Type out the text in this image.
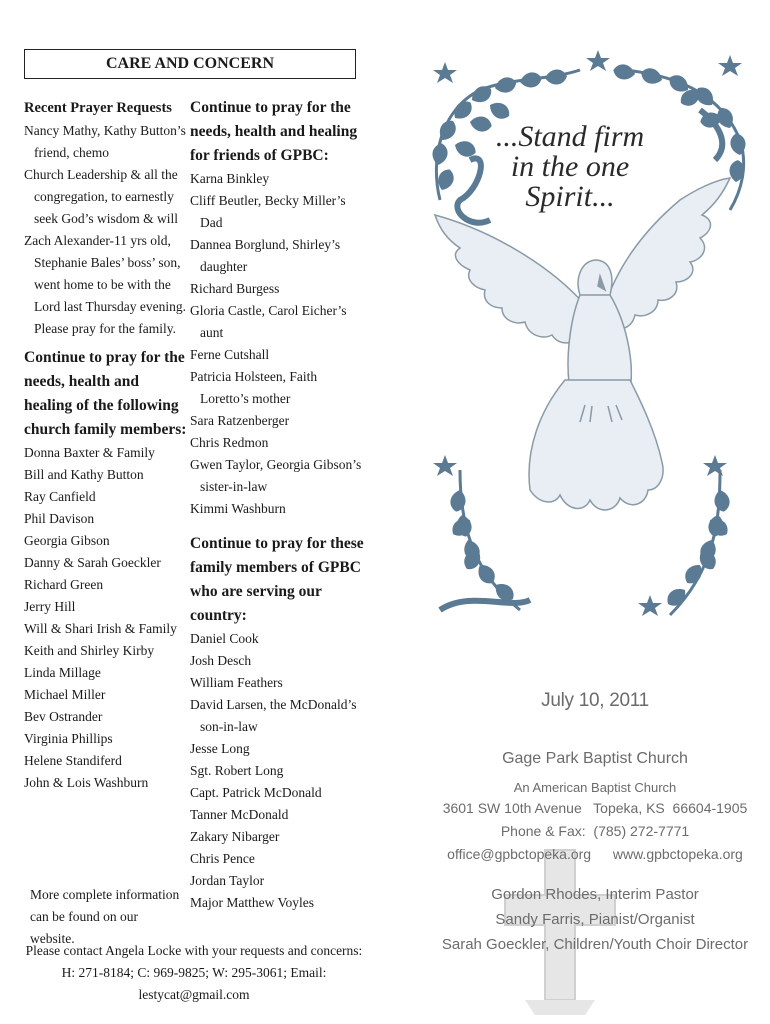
CARE AND CONCERN
Recent Prayer Requests
Nancy Mathy, Kathy Button’s friend, chemo
Church Leadership & all the congregation, to earnestly seek God’s wisdom & will
Zach Alexander-11 yrs old, Stephanie Bales’ boss’ son, went home to be with the Lord last Thursday evening. Please pray for the family.
Continue to pray for the needs, health and healing of the following church family members:
Donna Baxter & Family
Bill and Kathy Button
Ray Canfield
Phil Davison
Georgia Gibson
Danny & Sarah Goeckler
Richard Green
Jerry Hill
Will & Shari Irish & Family
Keith and Shirley Kirby
Linda Millage
Michael Miller
Bev Ostrander
Virginia Phillips
Helene Standiferd
John & Lois Washburn
Continue to pray for the needs, health and healing for friends of GPBC:
Karna Binkley
Cliff Beutler, Becky Miller’s Dad
Dannea Borglund, Shirley’s daughter
Richard Burgess
Gloria Castle, Carol Eicher’s aunt
Ferne Cutshall
Patricia Holsteen, Faith Loretto’s mother
Sara Ratzenberger
Chris Redmon
Gwen Taylor, Georgia Gibson’s sister-in-law
Kimmi Washburn
Continue to pray for these family members of GPBC who are serving our country:
Daniel Cook
Josh Desch
William Feathers
David Larsen, the McDonald’s son-in-law
Jesse Long
Sgt. Robert Long
Capt. Patrick McDonald
Tanner McDonald
Zakary Nibarger
Chris Pence
Jordan Taylor
Major Matthew Voyles
More complete information can be found on our website.
Please contact Angela Locke with your requests and concerns:
H: 271-8184; C: 969-9825; W: 295-3061; Email: lestycat@gmail.com
...Stand firm
in the one Spirit...
July 10, 2011
Gage Park Baptist Church
An American Baptist Church
3601 SW 10th Avenue   Topeka, KS  66604-1905
Phone & Fax:  (785) 272-7771
office@gpbctopeka.org www.gpbctopeka.org
Gordon Rhodes, Interim Pastor
Sandy Farris, Pianist/Organist
Sarah Goeckler, Children/Youth Choir Director
